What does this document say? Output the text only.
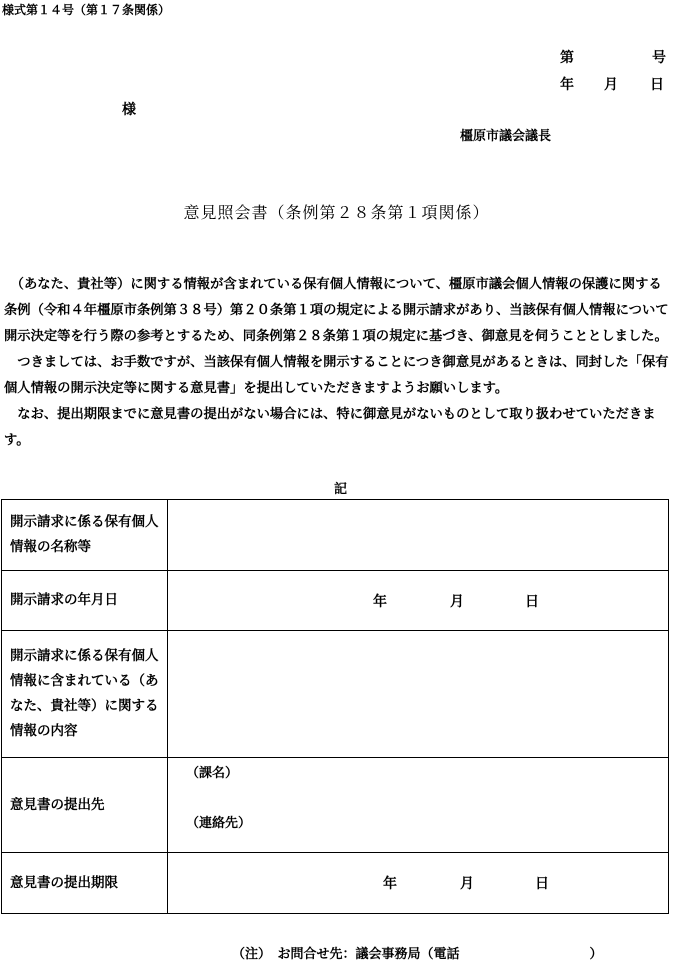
様式第１４号（第１７条関係）
第	号
年 月 日
様
橿原市議会議長
意見照会書（条例第２８条第１項関係）

　（あなた、貴社等）に関する情報が含まれている保有個人情報について、橿原市議会個人情報の保護に関する条例（令和４年橿原市条例第３８号）第２０条第１項の規定による開示請求があり、当該保有個人情報について開示決定等を行う際の参考とするため、同条例第２８条第１項の規定に基づき、御意見を伺うこととしました。

　つきましては、お手数ですが、当該保有個人情報を開示することにつき御意見があるときは、同封した「保有個人情報の開示決定等に関する意見書」を提出していただきますようお願いします。

　なお、提出期限までに意見書の提出がない場合には、特に御意見がないものとして取り扱わせていただきます。

記
開示請求に係る保有個人情報の名称等	
開示請求の年月日	年 月 日

開示請求に係る保有個人情報に含まれている（あなた、貴社等）に関する情報の内容	
意見書の提出先	（課名）
（連絡先）

意見書の提出期限	年 月 日
（注）　お問合せ先：議会事務局（電話　　　　　　　　　　）
